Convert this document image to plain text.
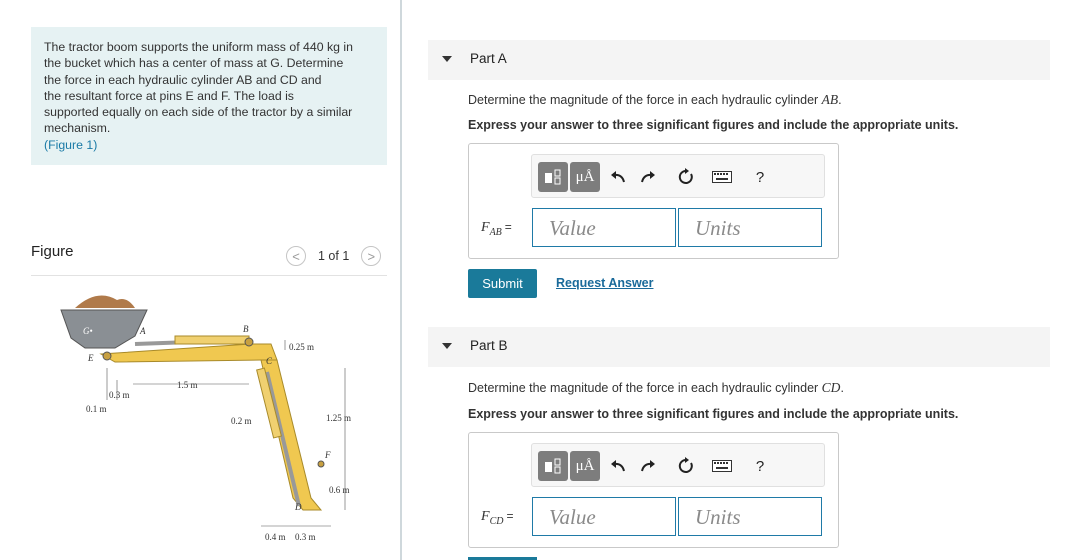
The tractor boom supports the uniform mass of 440 kg in
the bucket which has a center of mass at G. Determine
the force in each hydraulic cylinder AB and CD and
the resultant force at pins E and F. The load is
supported equally on each side of the tractor by a similar
mechanism.
(Figure 1)
Figure	<	1 of 1	>
G•	A
E
B
C
F
D
0.25 m
1.5 m
0.3 m
0.1 m
0.2 m	1.25 m
0.6 m
0.4 m 0.3 m
Part A
Determine the magnitude of the force in each hydraulic cylinder AB.
Express your answer to three significant figures and include the appropriate units.
μÅ	?
$F_{AB}$ =	Value	Units
Submit	Request Answer
Part B
Determine the magnitude of the force in each hydraulic cylinder CD.
Express your answer to three significant figures and include the appropriate units.
μÅ	?
$F_{CD}$ =	Value	Units
